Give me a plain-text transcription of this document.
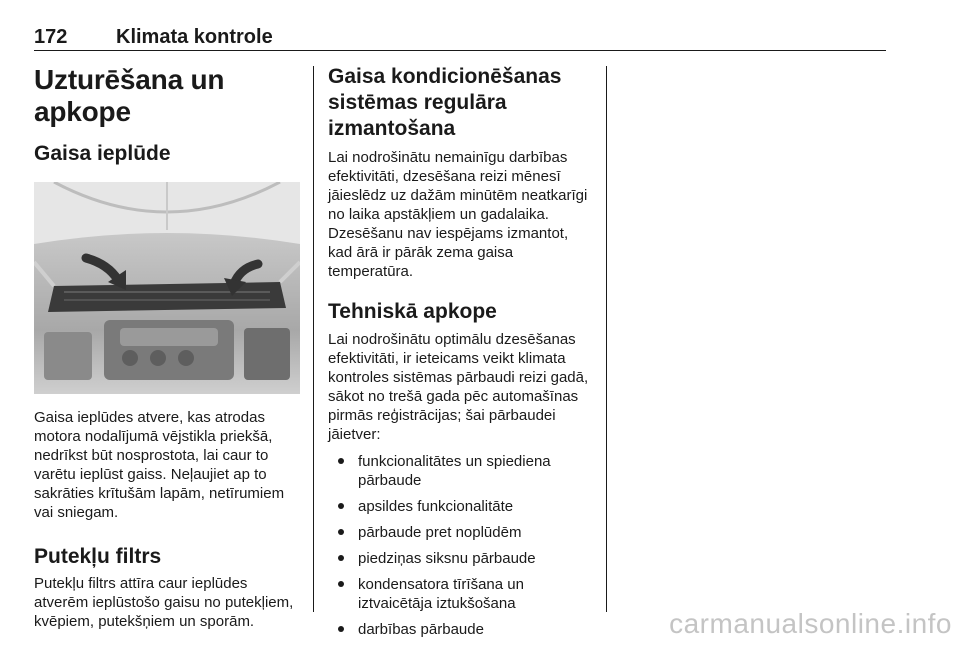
172 Klimata kontrole
Uzturēšana un apkope
Gaisa ieplūde

Gaisa ieplūdes atvere, kas atrodas motora nodalījumā vējstikla priekšā, nedrīkst būt nosprostota, lai caur to varētu ieplūst gaiss. Neļaujiet ap to sakrāties krītušām lapām, netīrumiem vai sniegam.

Putekļu filtrs

Putekļu filtrs attīra caur ieplūdes atverēm ieplūstošo gaisu no putekļiem, kvēpiem, putekšņiem un sporām.

Gaisa kondicionēšanas sistēmas regulāra izmantošana

Lai nodrošinātu nemainīgu darbības efektivitāti, dzesēšana reizi mēnesī jāieslēdz uz dažām minūtēm neatkarīgi no laika apstākļiem un gadalaika. Dzesēšanu nav iespējams izmantot, kad ārā ir pārāk zema gaisa temperatūra.

Tehniskā apkope

Lai nodrošinātu optimālu dzesēšanas efektivitāti, ir ieteicams veikt klimata kontroles sistēmas pārbaudi reizi gadā, sākot no trešā gada pēc automašīnas pirmās reģistrācijas; šai pārbaudei jāietver:

funkcionalitātes un spiediena pārbaude
apsildes funkcionalitāte
pārbaude pret noplūdēm
piedziņas siksnu pārbaude
kondensatora tīrīšana un iztvaicētāja iztukšošana
darbības pārbaude	carmanualsonline.info
